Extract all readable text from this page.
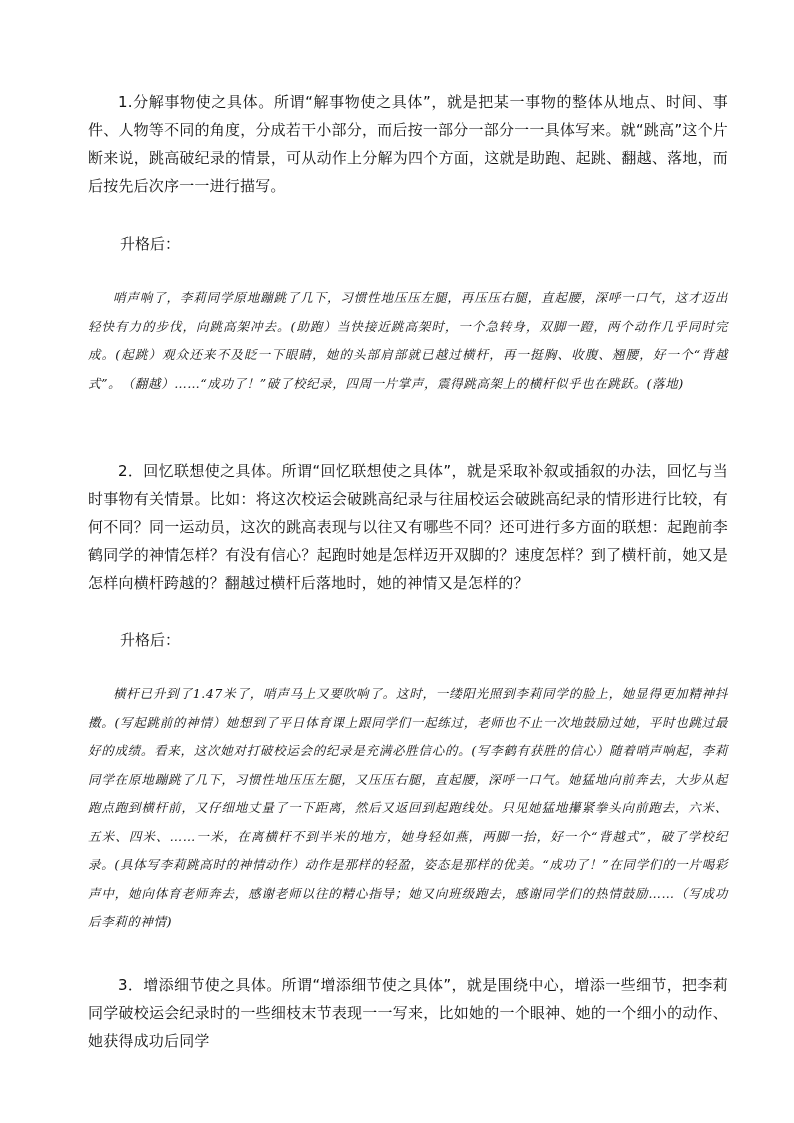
1.分解事物使之具体。所谓“解事物使之具体”，就是把某一事物的整体从地点、时间、事件、人物等不同的角度，分成若干小部分，而后按一部分一部分一一具体写来。就“跳高”这个片断来说，跳高破纪录的情景，可从动作上分解为四个方面，这就是助跑、起跳、翻越、落地，而后按先后次序一一进行描写。

升格后：

哨声响了，李莉同学原地蹦跳了几下，习惯性地压压左腿，再压压右腿，直起腰，深呼一口气，这才迈出轻快有力的步伐，向跳高架冲去。(助跑）当快接近跳高架时，一个急转身，双脚一蹬，两个动作几乎同时完成。(起跳）观众还来不及眨一下眼睛，她的头部肩部就已越过横杆，再一挺胸、收腹、翘腰，好一个“背越式”。　（翻越）……“成功了！”破了校纪录，四周一片掌声，震得跳高架上的横杆似乎也在跳跃。(落地)

2．回忆联想使之具体。所谓“回忆联想使之具体”，就是采取补叙或插叙的办法，回忆与当时事物有关情景。比如：将这次校运会破跳高纪录与往届校运会破跳高纪录的情形进行比较，有何不同？同一运动员，这次的跳高表现与以往又有哪些不同？还可进行多方面的联想：起跑前李鹤同学的神情怎样？有没有信心？起跑时她是怎样迈开双脚的？速度怎样？到了横杆前，她又是怎样向横杆跨越的？翻越过横杆后落地时，她的神情又是怎样的？

升格后：

横杆已升到了1.47米了，哨声马上又要吹响了。这时，一缕阳光照到李莉同学的脸上，她显得更加精神抖擞。(写起跳前的神情）她想到了平日体育课上跟同学们一起练过，老师也不止一次地鼓励过她，平时也跳过最好的成绩。看来，这次她对打破校运会的纪录是充满必胜信心的。(写李鹤有获胜的信心）随着哨声响起，李莉同学在原地蹦跳了几下，习惯性地压压左腿，又压压右腿，直起腰，深呼一口气。她猛地向前奔去，大步从起跑点跑到横杆前，又仔细地丈量了一下距离，然后又返回到起跑线处。只见她猛地攥紧拳头向前跑去，六米、五米、四米、……一米，在离横杆不到半米的地方，她身轻如燕，两脚一抬，好一个“背越式”，破了学校纪录。(具体写李莉跳高时的神情动作）动作是那样的轻盈，姿态是那样的优美。“成功了！”在同学们的一片喝彩声中，她向体育老师奔去，感谢老师以往的精心指导；她又向班级跑去，感谢同学们的热情鼓励……（写成功后李莉的神情)

3．增添细节使之具体。所谓“增添细节使之具体”，就是围绕中心，增添一些细节，把李莉同学破校运会纪录时的一些细枝末节表现一一写来，比如她的一个眼神、她的一个细小的动作、她获得成功后同学
